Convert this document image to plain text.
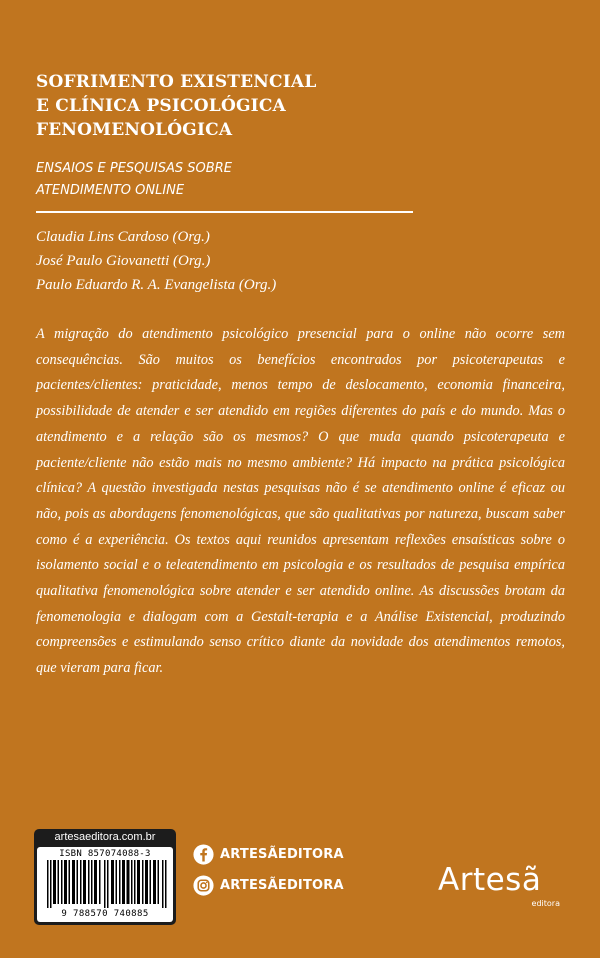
SOFRIMENTO EXISTENCIAL
E CLÍNICA PSICOLÓGICA
FENOMENOLÓGICA
ENSAIOS E PESQUISAS SOBRE
ATENDIMENTO ONLINE
Claudia Lins Cardoso (Org.)
José Paulo Giovanetti (Org.)
Paulo Eduardo R. A. Evangelista (Org.)
A migração do atendimento psicológico presencial para o online não ocorre sem consequências. São muitos os benefícios encontrados por psicoterapeutas e pacientes/clientes: praticidade, menos tempo de deslocamento, economia financeira, possibilidade de atender e ser atendido em regiões diferentes do país e do mundo. Mas o atendimento e a relação são os mesmos? O que muda quando psicoterapeuta e paciente/cliente não estão mais no mesmo ambiente? Há impacto na prática psicológica clínica? A questão investigada nestas pesquisas não é se atendimento online é eficaz ou não, pois as abordagens fenomenológicas, que são qualitativas por natureza, buscam saber como é a experiência. Os textos aqui reunidos apresentam reflexões ensaísticas sobre o isolamento social e o teleatendimento em psicologia e os resultados de pesquisa empírica qualitativa fenomenológica sobre atender e ser atendido online. As discussões brotam da fenomenologia e dialogam com a Gestalt-terapia e a Análise Existencial, produzindo compreensões e estimulando senso crítico diante da novidade dos atendimentos remotos, que vieram para ficar.
artesaeditora.com.br
ISBN 857074088-3
9 788570 740885
ARTESÃEDITORA
ARTESÃEDITORA	Artesã
editora
